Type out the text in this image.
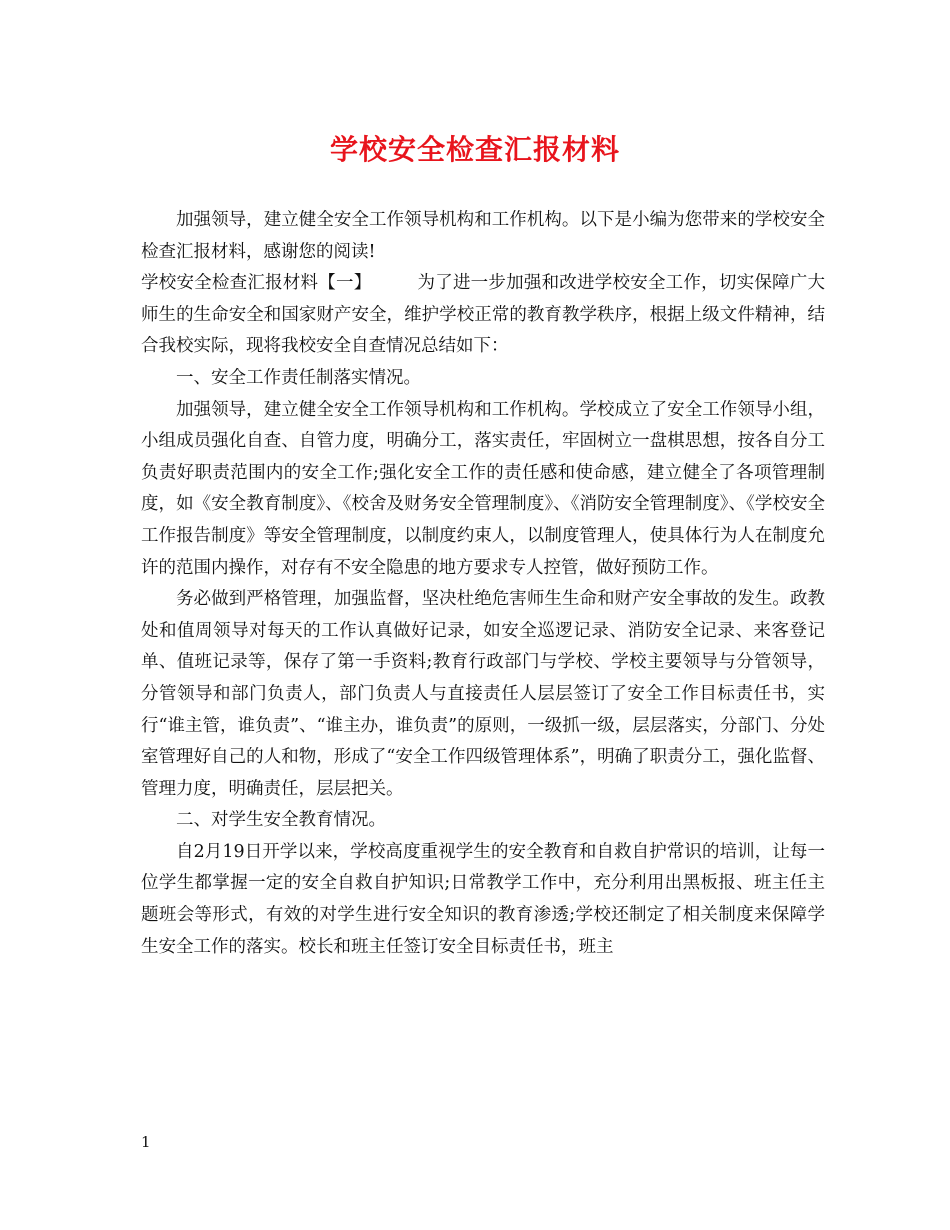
学校安全检查汇报材料

加强领导，建立健全安全工作领导机构和工作机构。以下是小编为您带来的学校安全检查汇报材料，感谢您的阅读!

学校安全检查汇报材料【一】	为了进一步加强和改进学校安全工作，切实保障广大师生的生命安全和国家财产安全，维护学校正常的教育教学秩序，根据上级文件精神，结合我校实际，现将我校安全自查情况总结如下：

一、安全工作责任制落实情况。

加强领导，建立健全安全工作领导机构和工作机构。学校成立了安全工作领导小组，小组成员强化自查、自管力度，明确分工，落实责任，牢固树立一盘棋思想，按各自分工负责好职责范围内的安全工作;强化安全工作的责任感和使命感，建立健全了各项管理制度，如《安全教育制度》、《校舍及财务安全管理制度》、《消防安全管理制度》、《学校安全工作报告制度》等安全管理制度，以制度约束人，以制度管理人，使具体行为人在制度允许的范围内操作，对存有不安全隐患的地方要求专人控管，做好预防工作。

务必做到严格管理，加强监督，坚决杜绝危害师生生命和财产安全事故的发生。政教处和值周领导对每天的工作认真做好记录，如安全巡逻记录、消防安全记录、来客登记单、值班记录等，保存了第一手资料;教育行政部门与学校、学校主要领导与分管领导，分管领导和部门负责人，部门负责人与直接责任人层层签订了安全工作目标责任书，实行“谁主管，谁负责”、“谁主办，谁负责”的原则，一级抓一级，层层落实，分部门、分处室管理好自己的人和物，形成了“安全工作四级管理体系”，明确了职责分工，强化监督、管理力度，明确责任，层层把关。

二、对学生安全教育情况。

自2月19日开学以来，学校高度重视学生的安全教育和自救自护常识的培训，让每一位学生都掌握一定的安全自救自护知识;日常教学工作中，充分利用出黑板报、班主任主题班会等形式，有效的对学生进行安全知识的教育渗透;学校还制定了相关制度来保障学生安全工作的落实。校长和班主任签订安全目标责任书，班主

1
